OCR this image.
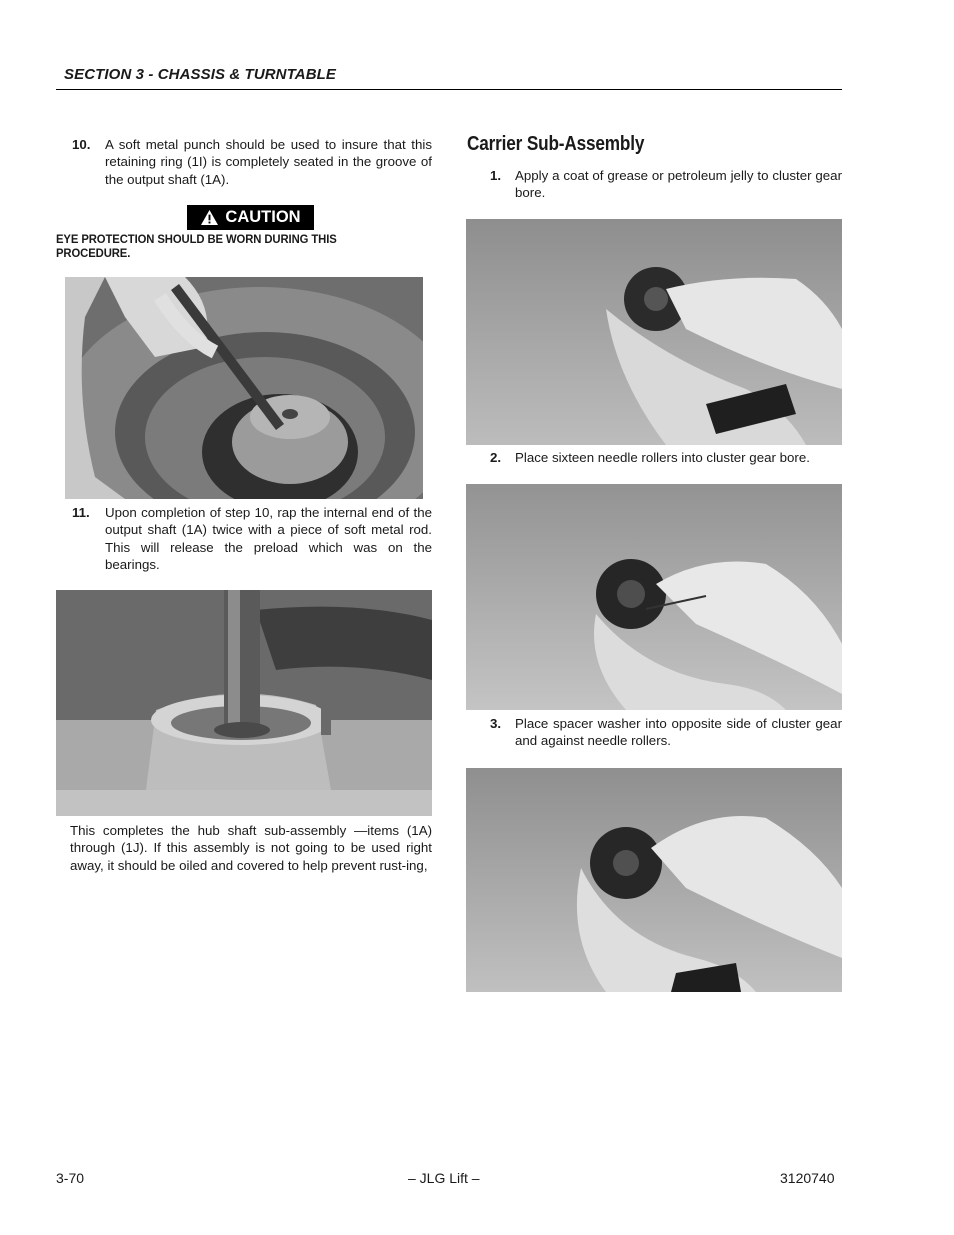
SECTION 3 - CHASSIS & TURNTABLE
10. A soft metal punch should be used to insure that this retaining ring (1I) is completely seated in the groove of the output shaft (1A).
CAUTION
EYE PROTECTION SHOULD BE WORN DURING THIS PROCEDURE.
11. Upon completion of step 10, rap the internal end of the output shaft (1A) twice with a piece of soft metal rod. This will release the preload which was on the bearings.
This completes the hub shaft sub-assembly —items (1A) through (1J). If this assembly is not going to be used right away, it should be oiled and covered to help prevent rust-ing,
Carrier Sub-Assembly
1. Apply a coat of grease or petroleum jelly to cluster gear bore.
2. Place sixteen needle rollers into cluster gear bore.
3. Place spacer washer into opposite side of cluster gear and against needle rollers.
3-70	– JLG Lift –	3120740
